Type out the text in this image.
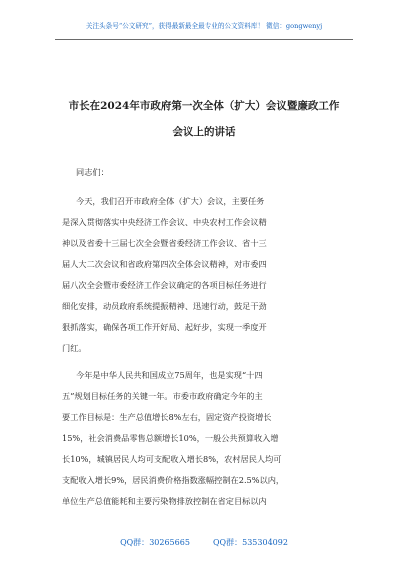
关注头条号“公文研究”，获得最新最全最专业的公文资料库！ 微信：gongwenyj
市长在2024年市政府第一次全体（扩大）会议暨廉政工作
会议上的讲话
同志们：
今天，我们召开市政府全体（扩大）会议，主要任务
是深入贯彻落实中央经济工作会议、中央农村工作会议精
神以及省委十三届七次全会暨省委经济工作会议、省十三
届人大二次会议和省政府第四次全体会议精神，对市委四
届八次全会暨市委经济工作会议确定的各项目标任务进行
细化安排，动员政府系统提振精神、迅速行动，鼓足干劲
狠抓落实，确保各项工作开好局、起好步，实现一季度开
门红。
今年是中华人民共和国成立75周年，也是实现“十四
五”规划目标任务的关键一年。市委市政府确定今年的主
要工作目标是：生产总值增长8%左右，固定资产投资增长
15%，社会消费品零售总额增长10%，一般公共预算收入增
长10%，城镇居民人均可支配收入增长8%，农村居民人均可
支配收入增长9%，居民消费价格指数涨幅控制在2.5%以内，
单位生产总值能耗和主要污染物排放控制在省定目标以内
QQ群：30265665	QQ群：535304092
